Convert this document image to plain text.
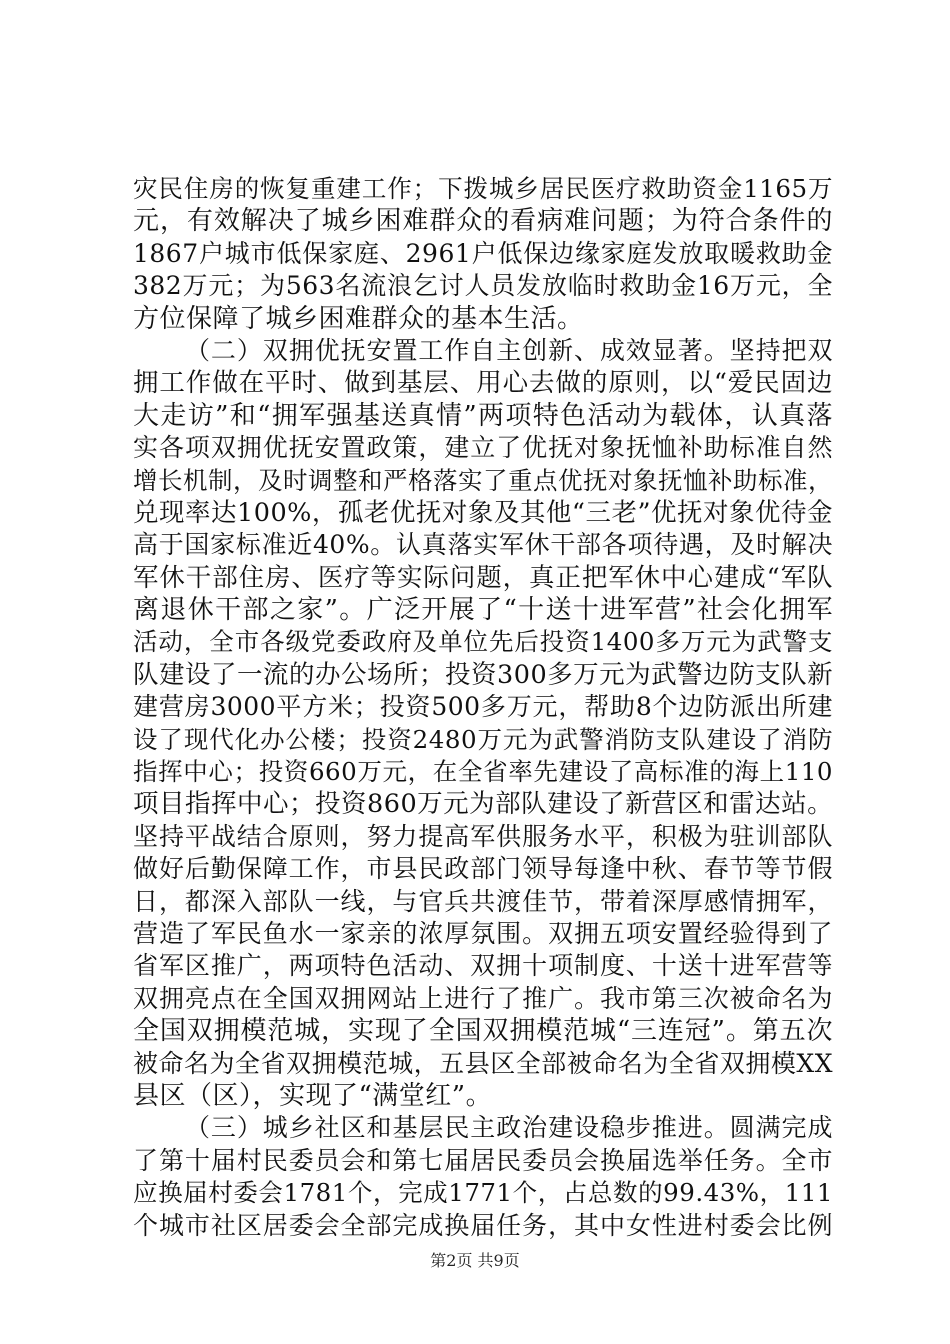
灾民住房的恢复重建工作；下拨城乡居民医疗救助资金1165万
元，有效解决了城乡困难群众的看病难问题；为符合条件的
1867户城市低保家庭、2961户低保边缘家庭发放取暖救助金
382万元；为563名流浪乞讨人员发放临时救助金16万元，全
方位保障了城乡困难群众的基本生活。
（二）双拥优抚安置工作自主创新、成效显著。坚持把双
拥工作做在平时、做到基层、用心去做的原则，以“爱民固边
大走访”和“拥军强基送真情”两项特色活动为载体，认真落
实各项双拥优抚安置政策，建立了优抚对象抚恤补助标准自然
增长机制，及时调整和严格落实了重点优抚对象抚恤补助标准，
兑现率达100%，孤老优抚对象及其他“三老”优抚对象优待金
高于国家标准近40%。认真落实军休干部各项待遇，及时解决
军休干部住房、医疗等实际问题，真正把军休中心建成“军队
离退休干部之家”。广泛开展了“十送十进军营”社会化拥军
活动，全市各级党委政府及单位先后投资1400多万元为武警支
队建设了一流的办公场所；投资300多万元为武警边防支队新
建营房3000平方米；投资500多万元，帮助8个边防派出所建
设了现代化办公楼；投资2480万元为武警消防支队建设了消防
指挥中心；投资660万元，在全省率先建设了高标准的海上110
项目指挥中心；投资860万元为部队建设了新营区和雷达站。
坚持平战结合原则，努力提高军供服务水平，积极为驻训部队
做好后勤保障工作，市县民政部门领导每逢中秋、春节等节假
日，都深入部队一线，与官兵共渡佳节，带着深厚感情拥军，
营造了军民鱼水一家亲的浓厚氛围。双拥五项安置经验得到了
省军区推广，两项特色活动、双拥十项制度、十送十进军营等
双拥亮点在全国双拥网站上进行了推广。我市第三次被命名为
全国双拥模范城，实现了全国双拥模范城“三连冠”。第五次
被命名为全省双拥模范城，五县区全部被命名为全省双拥模XX
县区（区），实现了“满堂红”。
（三）城乡社区和基层民主政治建设稳步推进。圆满完成
了第十届村民委员会和第七届居民委员会换届选举任务。全市
应换届村委会1781个，完成1771个，占总数的99.43%，111
个城市社区居委会全部完成换届任务，其中女性进村委会比例
第2页 共9页
